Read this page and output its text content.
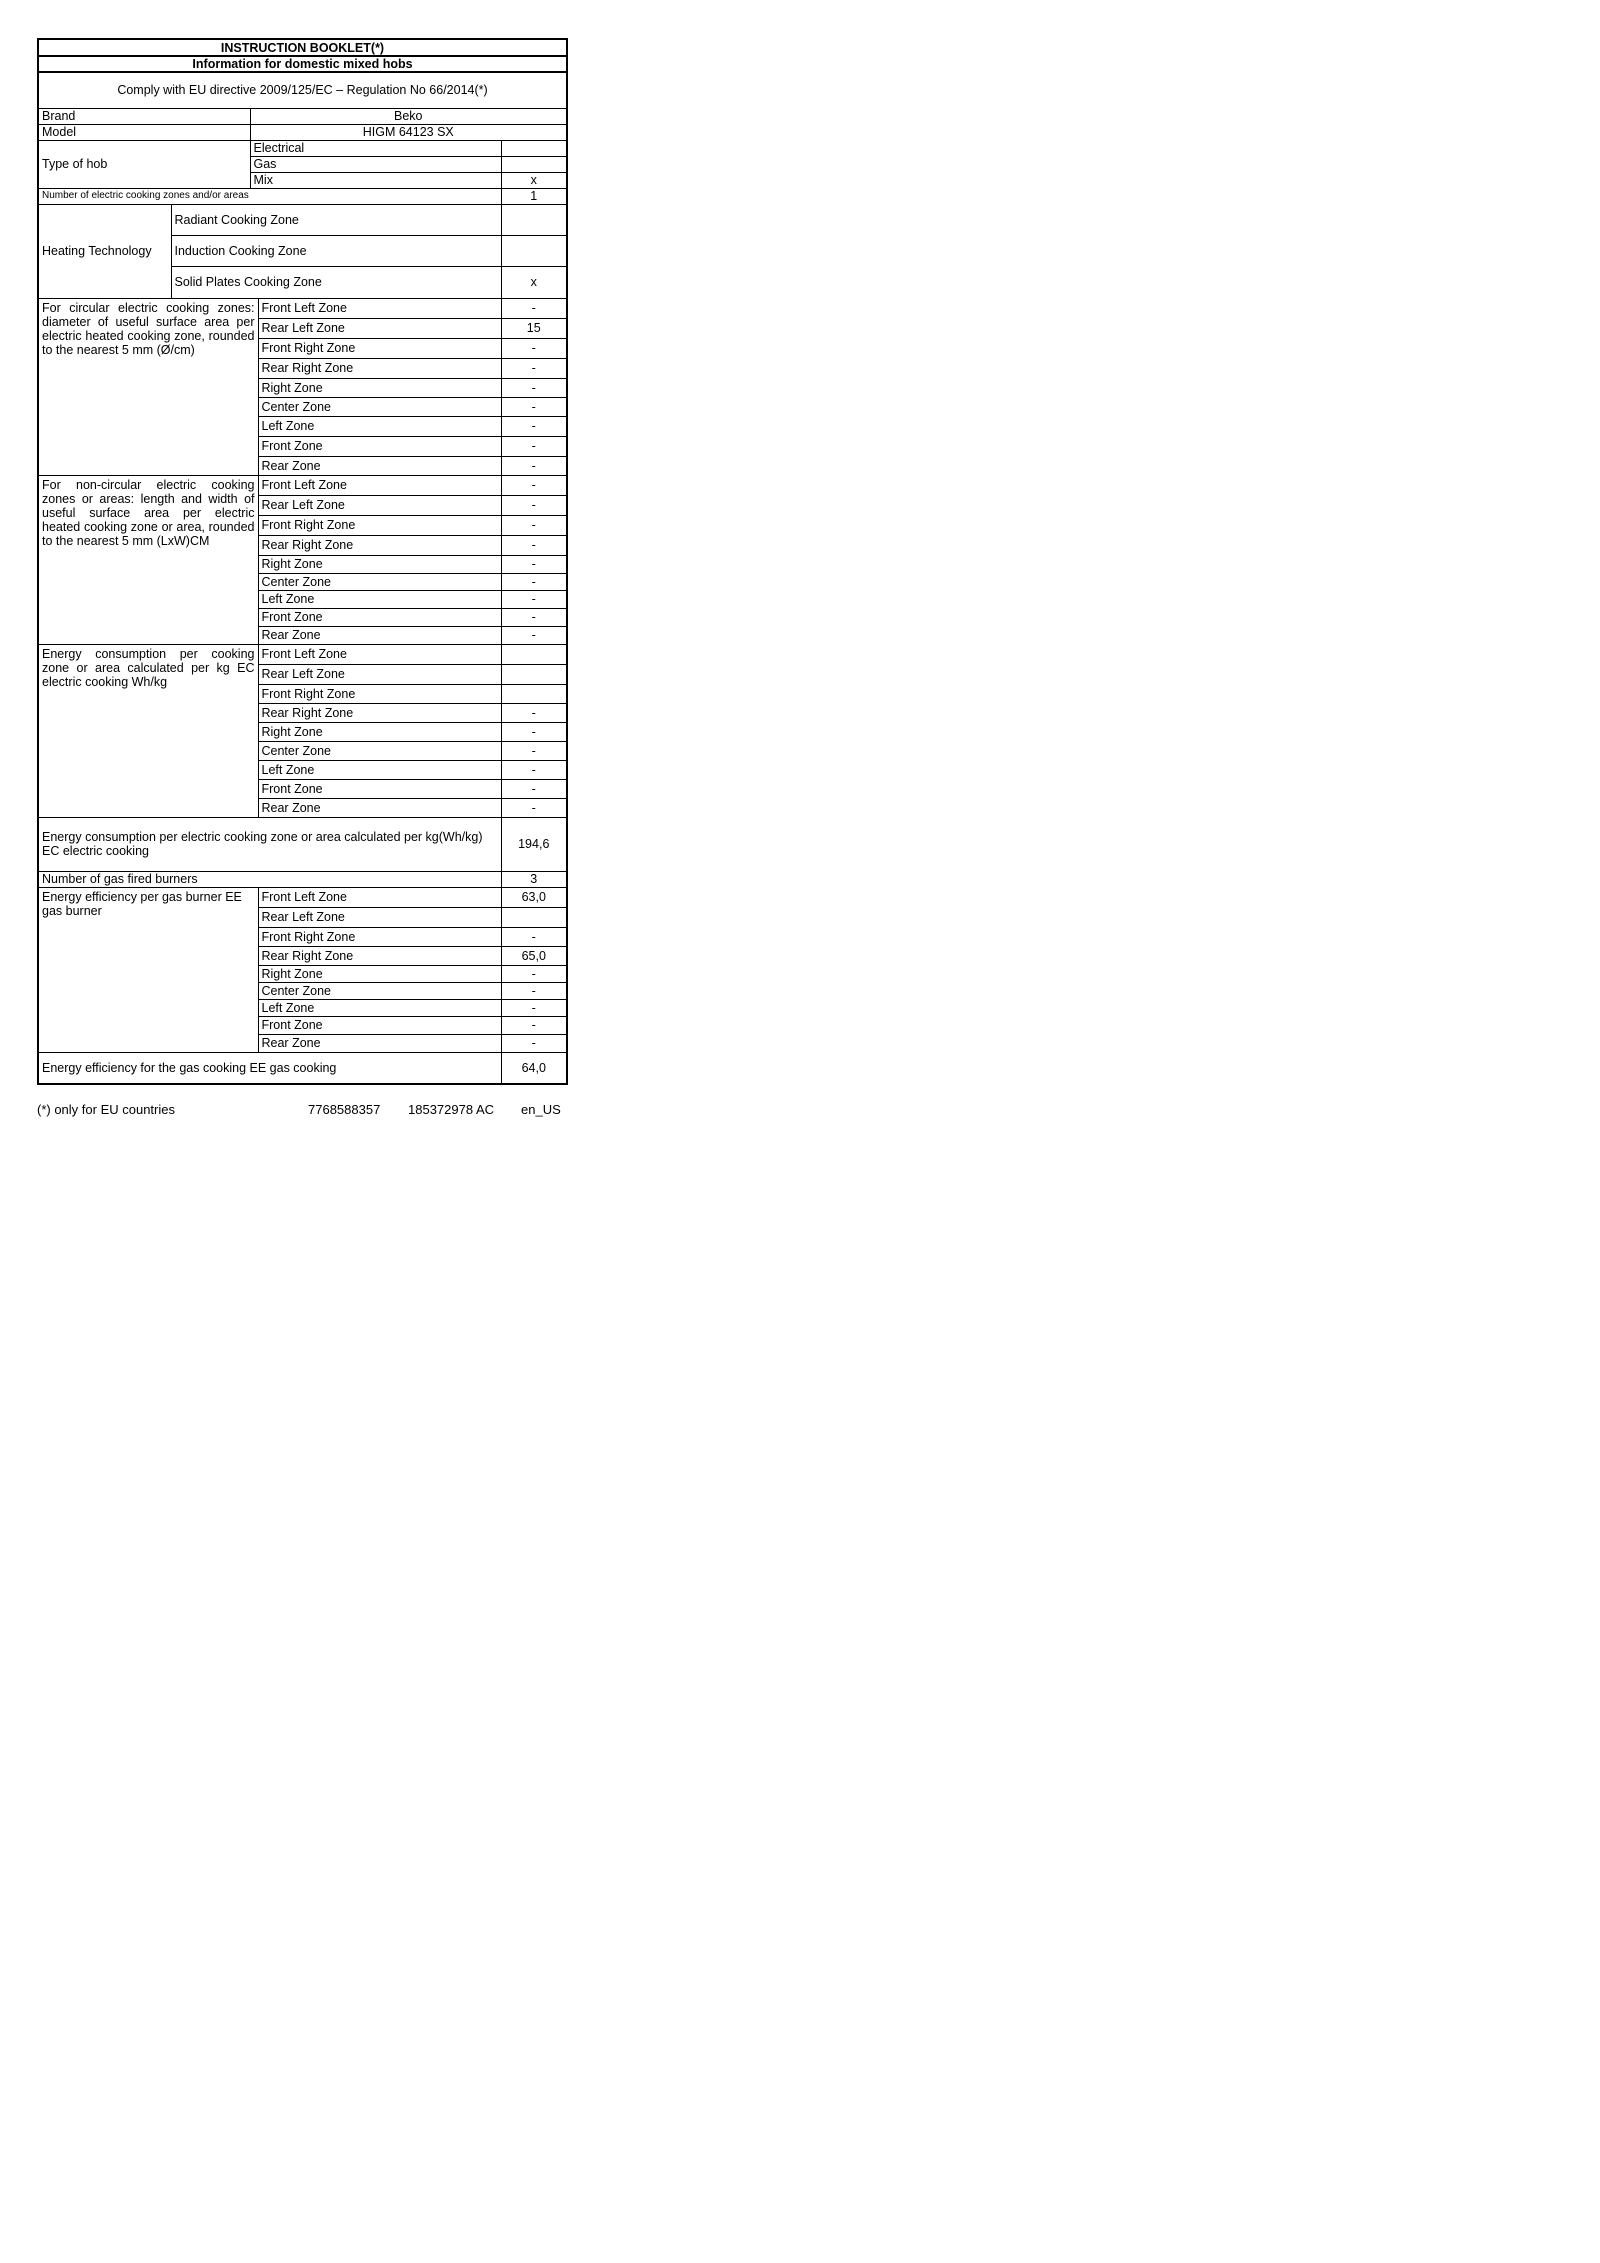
INSTRUCTION BOOKLET(*)				
Information for domestic mixed hobs				
Comply with EU directive 2009/125/EC – Regulation No 66/2014(*)				
Brand		Beko		
Model		HIGM 64123 SX		
Type of hob		Electrical		
		Gas		
		Mix		x
Number of electric cooking zones and/or areas				1
Heating Technology	Radiant Cooking Zone			
	Induction Cooking Zone			
	Solid Plates Cooking Zone			x
For circular electric cooking zones: diameter of useful surface area per electric heated cooking zone, rounded to the nearest 5 mm (Ø/cm)			Front Left Zone	-
			Rear Left Zone	15
			Front Right Zone	-
			Rear Right Zone	-
			Right Zone	-
			Center Zone	-
			Left Zone	-
			Front Zone	-
			Rear Zone	-
For non-circular electric cooking zones or areas: length and width of useful surface area per electric heated cooking zone or area, rounded to the nearest 5 mm (LxW)CM			Front Left Zone	-
			Rear Left Zone	-
			Front Right Zone	-
			Rear Right Zone	-
			Right Zone	-
			Center Zone	-
			Left Zone	-
			Front Zone	-
			Rear Zone	-
Energy consumption per cooking zone or area calculated per kg EC electric cooking Wh/kg			Front Left Zone	
			Rear Left Zone	
			Front Right Zone	
			Rear Right Zone	-
			Right Zone	-
			Center Zone	-
			Left Zone	-
			Front Zone	-
			Rear Zone	-
Energy consumption per electric cooking zone or area calculated per kg(Wh/kg) EC electric cooking				194,6
Number of gas fired burners				3
Energy efficiency per gas burner EE gas burner			Front Left Zone	63,0
			Rear Left Zone	
			Front Right Zone	-
			Rear Right Zone	65,0
			Right Zone	-
			Center Zone	-
			Left Zone	-
			Front Zone	-
			Rear Zone	-
Energy efficiency for the gas cooking EE gas cooking				64,0
(*) only for EU countries	7768588357 185372978 AC en_US
